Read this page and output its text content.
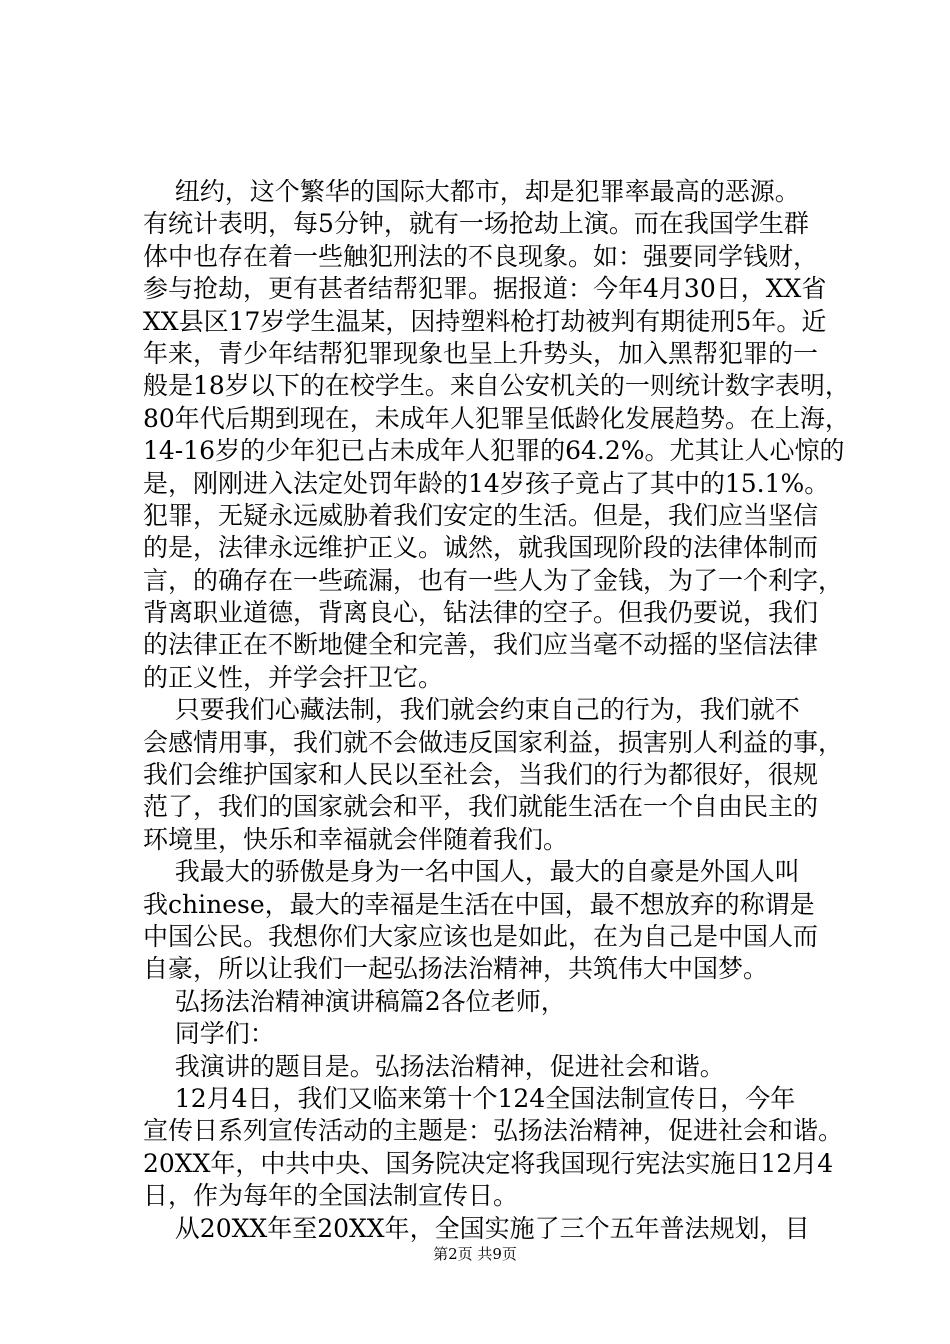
纽约，这个繁华的国际大都市，却是犯罪率最高的恶源。
有统计表明，每5分钟，就有一场抢劫上演。而在我国学生群
体中也存在着一些触犯刑法的不良现象。如：强要同学钱财，
参与抢劫，更有甚者结帮犯罪。据报道：今年4月30日，XX省
XX县区17岁学生温某，因持塑料枪打劫被判有期徒刑5年。近
年来，青少年结帮犯罪现象也呈上升势头，加入黑帮犯罪的一
般是18岁以下的在校学生。来自公安机关的一则统计数字表明，
80年代后期到现在，未成年人犯罪呈低龄化发展趋势。在上海，
14-16岁的少年犯已占未成年人犯罪的64.2%。尤其让人心惊的
是，刚刚进入法定处罚年龄的14岁孩子竟占了其中的15.1%。
犯罪，无疑永远威胁着我们安定的生活。但是，我们应当坚信
的是，法律永远维护正义。诚然，就我国现阶段的法律体制而
言，的确存在一些疏漏，也有一些人为了金钱，为了一个利字，
背离职业道德，背离良心，钻法律的空子。但我仍要说，我们
的法律正在不断地健全和完善，我们应当毫不动摇的坚信法律
的正义性，并学会扞卫它。
只要我们心藏法制，我们就会约束自己的行为，我们就不
会感情用事，我们就不会做违反国家利益，损害别人利益的事，
我们会维护国家和人民以至社会，当我们的行为都很好，很规
范了，我们的国家就会和平，我们就能生活在一个自由民主的
环境里，快乐和幸福就会伴随着我们。
我最大的骄傲是身为一名中国人，最大的自豪是外国人叫
我chinese，最大的幸福是生活在中国，最不想放弃的称谓是
中国公民。我想你们大家应该也是如此，在为自己是中国人而
自豪，所以让我们一起弘扬法治精神，共筑伟大中国梦。
弘扬法治精神演讲稿篇2各位老师，
同学们：
我演讲的题目是。弘扬法治精神，促进社会和谐。
12月4日，我们又临来第十个124全国法制宣传日，今年
宣传日系列宣传活动的主题是：弘扬法治精神，促进社会和谐。
20XX年，中共中央、国务院决定将我国现行宪法实施日12月4
日，作为每年的全国法制宣传日。
从20XX年至20XX年，全国实施了三个五年普法规划，目
第2页 共9页
